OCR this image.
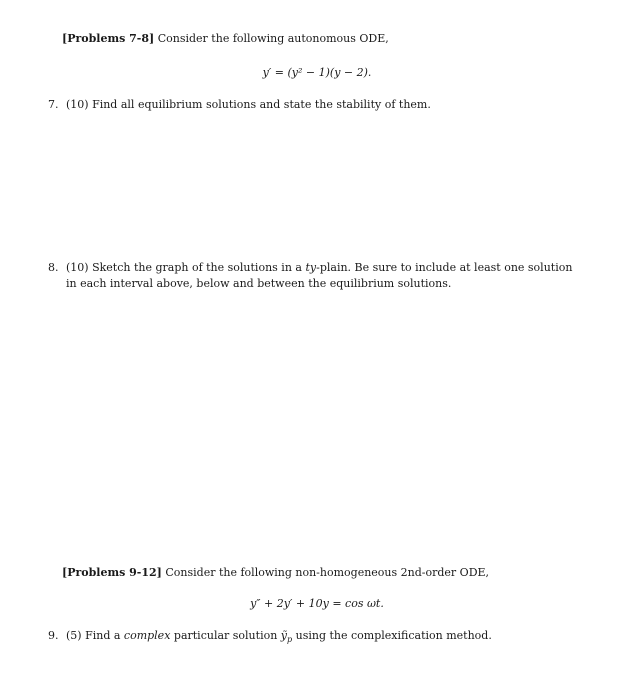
[Problems 7-8] Consider the following autonomous ODE,
y′ = (y² − 1)(y − 2).
7. (10) Find all equilibrium solutions and state the stability of them.
8. (10) Sketch the graph of the solutions in a ty-plain. Be sure to include at least one solution
in each interval above, below and between the equilibrium solutions.
[Problems 9-12] Consider the following non-homogeneous 2nd-order ODE,
y″ + 2y′ + 10y = cos ωt.
9. (5) Find a complex particular solution ỹ$_p$ using the complexification method.
